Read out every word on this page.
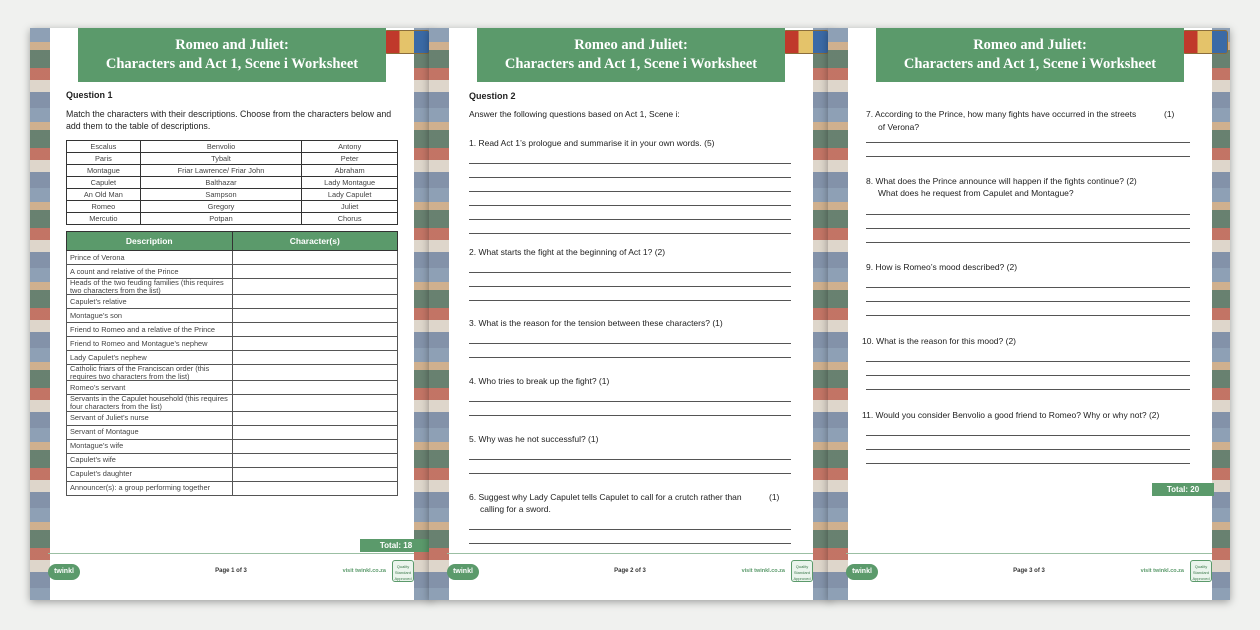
Romeo and Juliet:
Characters and Act 1, Scene i Worksheet
Question 1
Match the characters with their descriptions. Choose from the characters below and add them to the table of descriptions.
Escalus	Benvolio	Antony
Paris	Tybalt	Peter
Montague	Friar Lawrence/ Friar John	Abraham
Capulet	Balthazar	Lady Montague
An Old Man	Sampson	Lady Capulet
Romeo	Gregory	Juliet
Mercutio	Potpan	Chorus
Description	Character(s)
Prince of Verona	
A count and relative of the Prince	
Heads of the two feuding families (this requires two characters from the list)	
Capulet’s relative	
Montague’s son	
Friend to Romeo and a relative of the Prince	
Friend to Romeo and Montague’s nephew	
Lady Capulet’s nephew	
Catholic friars of the Franciscan order (this requires two characters from the list)	
Romeo’s servant	
Servants in the Capulet household (this requires four characters from the list)	
Servant of Juliet’s nurse	
Servant of Montague	
Montague’s wife	
Capulet’s wife	
Capulet’s daughter	
Announcer(s): a group performing together	
Total: 18
twinkl	Page 1 of 3	visit twinkl.co.za
Quality Standard Approved
Romeo and Juliet:
Characters and Act 1, Scene i Worksheet
Question 2
Answer the following questions based on Act 1, Scene i:
1. Read Act 1’s prologue and summarise it in your own words. (5)
2. What starts the fight at the beginning of Act 1? (2)
3. What is the reason for the tension between these characters? (1)
4. Who tries to break up the fight? (1)
5. Why was he not successful? (1)
6. Suggest why Lady Capulet tells Capulet to call for a crutch rather than	(1)
calling for a sword.
twinkl	Page 2 of 3	visit twinkl.co.za
Quality Standard Approved
Romeo and Juliet:
Characters and Act 1, Scene i Worksheet
7. According to the Prince, how many fights have occurred in the streets	(1)
of Verona?
8. What does the Prince announce will happen if the fights continue? (2)
What does he request from Capulet and Montague?
9. How is Romeo’s mood described? (2)
10. What is the reason for this mood? (2)
11. Would you consider Benvolio a good friend to Romeo? Why or why not? (2)
Total: 20
twinkl	Page 3 of 3	visit twinkl.co.za
Quality Standard Approved
